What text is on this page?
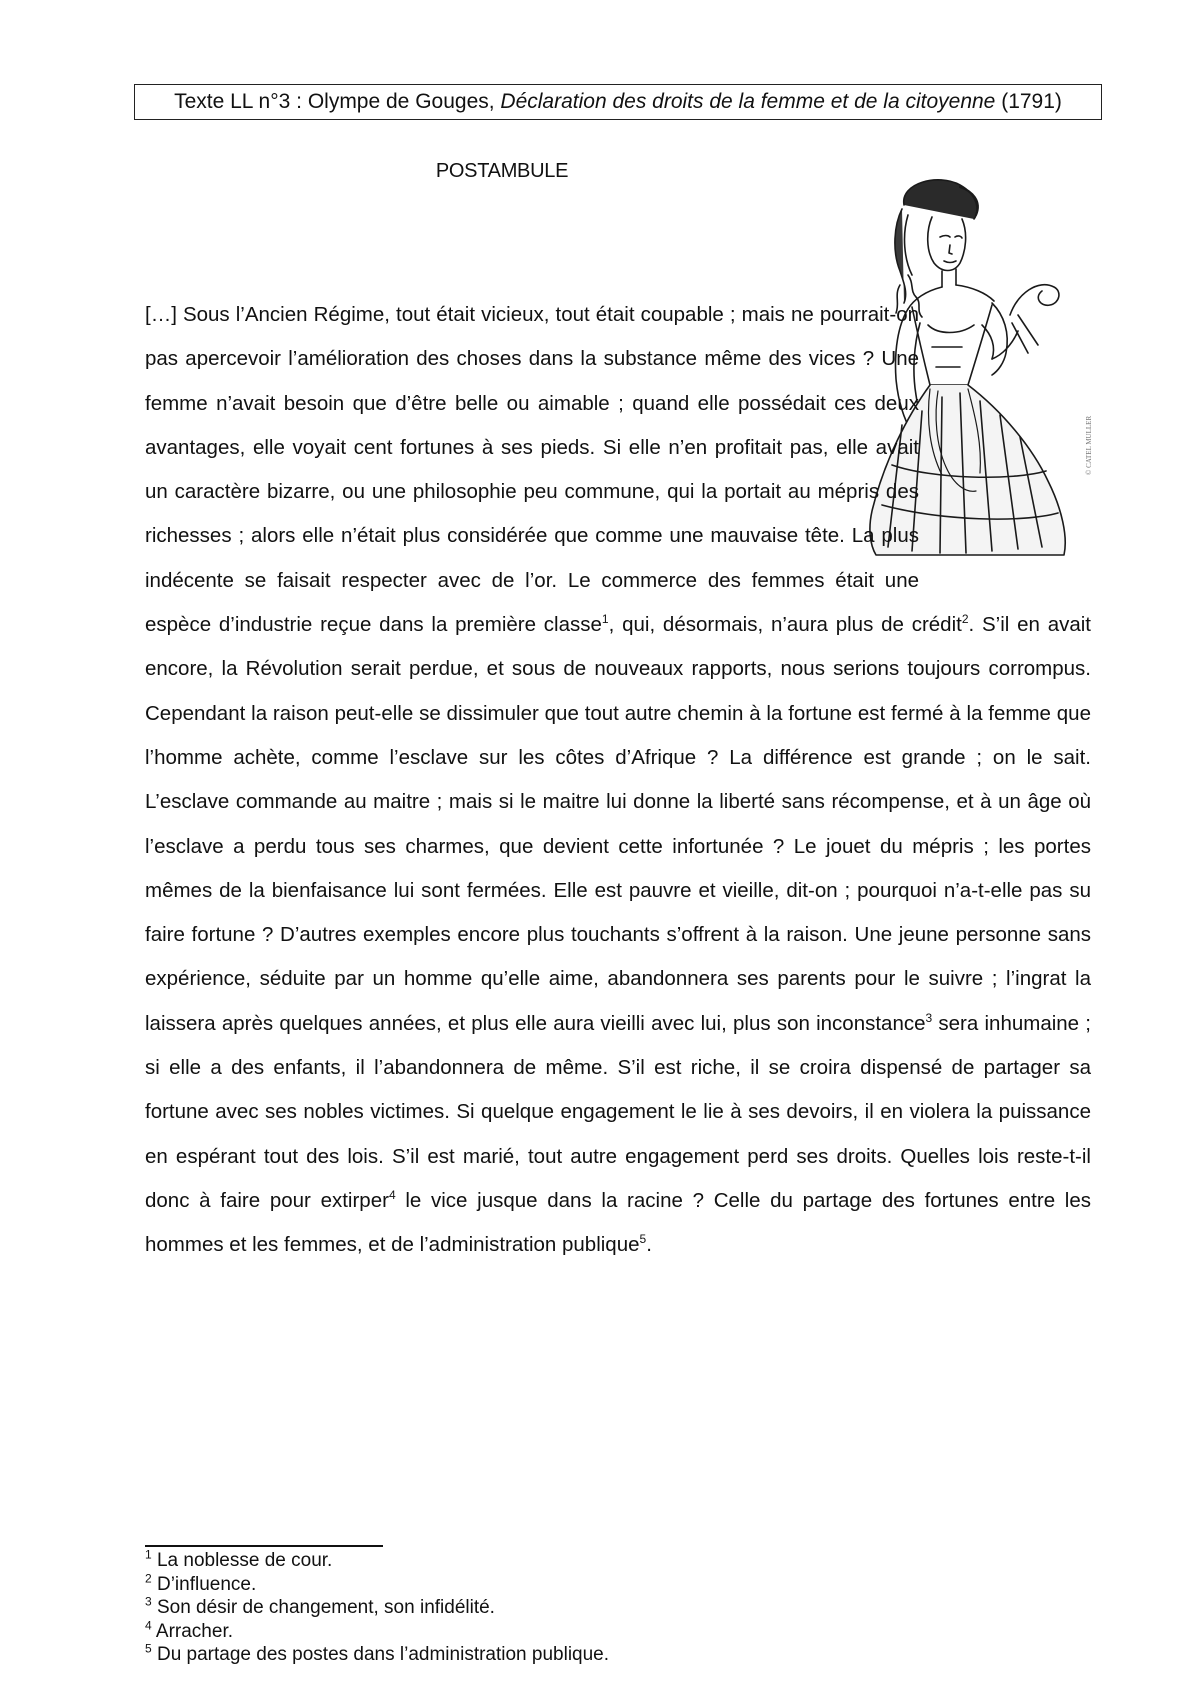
Texte LL n°3 : Olympe de Gouges, Déclaration des droits de la femme et de la citoyenne (1791)
POSTAMBULE
© CATEL MULLER
[…] Sous l’Ancien Régime, tout était vicieux, tout était coupable ; mais ne pourrait-on pas apercevoir l’amélioration des choses dans la substance même des vices ? Une femme n’avait besoin que d’être belle ou aimable ; quand elle possédait ces deux avantages, elle voyait cent fortunes à ses pieds. Si elle n’en profitait pas, elle avait un caractère bizarre, ou une philosophie peu commune, qui la portait au mépris des richesses ; alors elle n’était plus considérée que comme une mauvaise tête. La plus indécente se faisait respecter avec de l’or. Le commerce des femmes était une espèce d’industrie reçue dans la première classe$^1$, qui, désormais, n’aura plus de crédit$^2$. S’il en avait encore, la Révolution serait perdue, et sous de nouveaux rapports, nous serions toujours corrompus. Cependant la raison peut-elle se dissimuler que tout autre chemin à la fortune est fermé à la femme que l’homme achète, comme l’esclave sur les côtes d’Afrique ? La différence est grande ; on le sait. L’esclave commande au maitre ; mais si le maitre lui donne la liberté sans récompense, et à un âge où l’esclave a perdu tous ses charmes, que devient cette infortunée ? Le jouet du mépris ; les portes mêmes de la bienfaisance lui sont fermées. Elle est pauvre et vieille, dit-on ; pourquoi n’a-t-elle pas su faire fortune ? D’autres exemples encore plus touchants s’offrent à la raison. Une jeune personne sans expérience, séduite par un homme qu’elle aime, abandonnera ses parents pour le suivre ; l’ingrat la laissera après quelques années, et plus elle aura vieilli avec lui, plus son inconstance$^3$ sera inhumaine ; si elle a des enfants, il l’abandonnera de même. S’il est riche, il se croira dispensé de partager sa fortune avec ses nobles victimes. Si quelque engagement le lie à ses devoirs, il en violera la puissance en espérant tout des lois. S’il est marié, tout autre engagement perd ses droits. Quelles lois reste-t-il donc à faire pour extirper$^4$ le vice jusque dans la racine ? Celle du partage des fortunes entre les hommes et les femmes, et de l’administration publique$^5$.
$^1$ La noblesse de cour.
$^2$ D’influence.
$^3$ Son désir de changement, son infidélité.
$^4$ Arracher.
$^5$ Du partage des postes dans l’administration publique.
